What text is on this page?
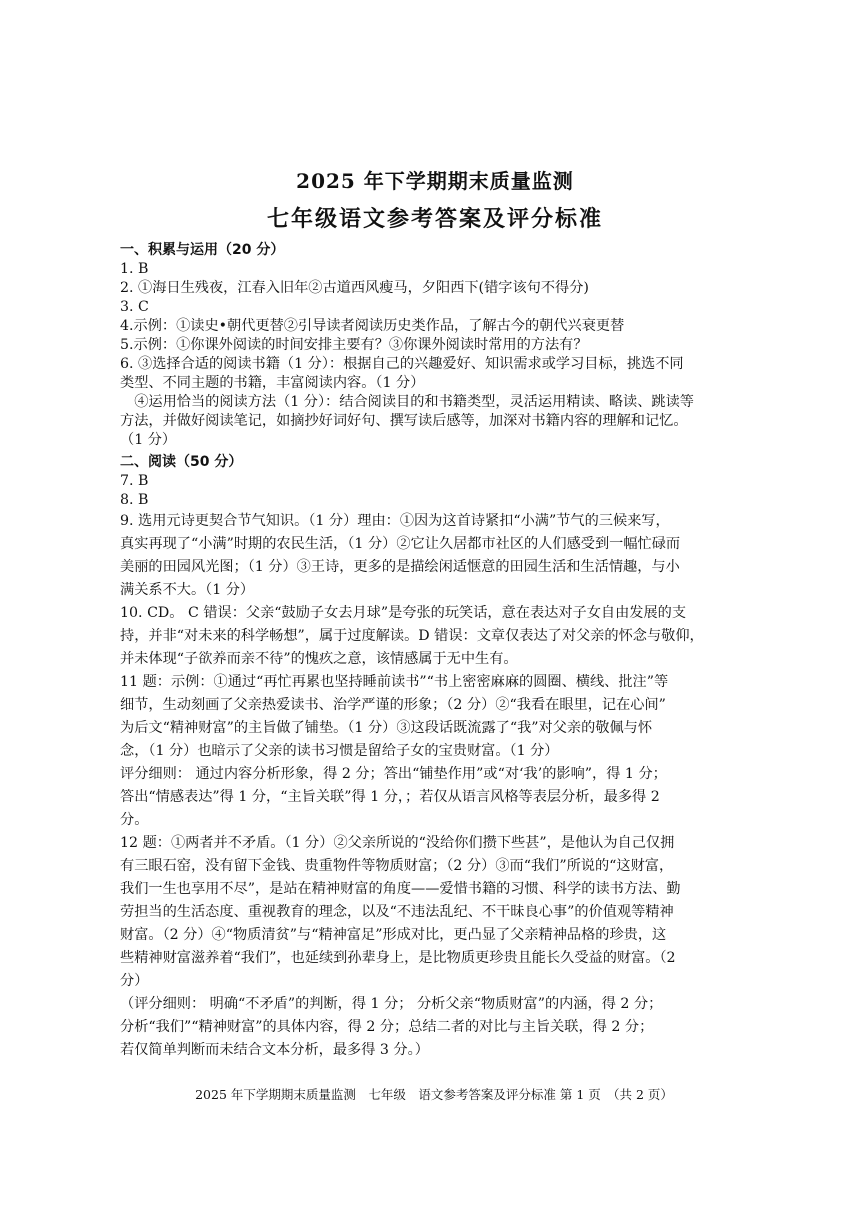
2025 年下学期期末质量监测
七年级语文参考答案及评分标准
一、积累与运用（20 分）
1. B
2. ①海日生残夜，江春入旧年②古道西风瘦马，夕阳西下(错字该句不得分)
3. C
4.示例：①读史•朝代更替②引导读者阅读历史类作品，了解古今的朝代兴衰更替
5.示例：①你课外阅读的时间安排主要有？③你课外阅读时常用的方法有？
6. ③选择合适的阅读书籍（1 分）：根据自己的兴趣爱好、知识需求或学习目标，挑选不同
类型、不同主题的书籍，丰富阅读内容。（1 分）
　④运用恰当的阅读方法（1 分）：结合阅读目的和书籍类型，灵活运用精读、略读、跳读等
方法，并做好阅读笔记，如摘抄好词好句、撰写读后感等，加深对书籍内容的理解和记忆。
（1 分）
二、阅读（50 分）
7. B
8. B
9. 选用元诗更契合节气知识。（1 分）理由：①因为这首诗紧扣“小满”节气的三候来写，
真实再现了“小满”时期的农民生活，（1 分）②它让久居都市社区的人们感受到一幅忙碌而
美丽的田园风光图；（1 分）③王诗，更多的是描绘闲适惬意的田园生活和生活情趣，与小
满关系不大。（1 分）
10. CD。 C 错误：父亲“鼓励子女去月球”是夸张的玩笑话，意在表达对子女自由发展的支
持，并非“对未来的科学畅想”，属于过度解读。D 错误：文章仅表达了对父亲的怀念与敬仰，
并未体现“子欲养而亲不待”的愧疚之意，该情感属于无中生有。
11 题：示例：①通过“再忙再累也坚持睡前读书”“书上密密麻麻的圆圈、横线、批注”等
细节，生动刻画了父亲热爱读书、治学严谨的形象；（2 分）②“我看在眼里，记在心间”
为后文“精神财富”的主旨做了铺垫。（1 分）③这段话既流露了“我”对父亲的敬佩与怀
念，（1 分）也暗示了父亲的读书习惯是留给子女的宝贵财富。（1 分）
评分细则： 通过内容分析形象，得 2 分；答出“铺垫作用”或“对‘我’的影响”，得 1 分；
答出“情感表达”得 1 分，“主旨关联”得 1 分，；若仅从语言风格等表层分析，最多得 2
分。
12 题：①两者并不矛盾。（1 分）②父亲所说的“没给你们攒下些甚”，是他认为自己仅拥
有三眼石窑，没有留下金钱、贵重物件等物质财富；（2 分）③而“我们”所说的“这财富，
我们一生也享用不尽”，是站在精神财富的角度——爱惜书籍的习惯、科学的读书方法、勤
劳担当的生活态度、重视教育的理念，以及“不违法乱纪、不干昧良心事”的价值观等精神
财富。（2 分）④“物质清贫”与“精神富足”形成对比，更凸显了父亲精神品格的珍贵，这
些精神财富滋养着“我们”，也延续到孙辈身上，是比物质更珍贵且能长久受益的财富。（2
分）
（评分细则： 明确“不矛盾”的判断，得 1 分； 分析父亲“物质财富”的内涵，得 2 分；
分析“我们”“精神财富”的具体内容，得 2 分；总结二者的对比与主旨关联，得 2 分；
若仅简单判断而未结合文本分析，最多得 3 分。）
2025 年下学期期末质量监测　七年级　语文参考答案及评分标准 第 1 页　（共 2 页）
